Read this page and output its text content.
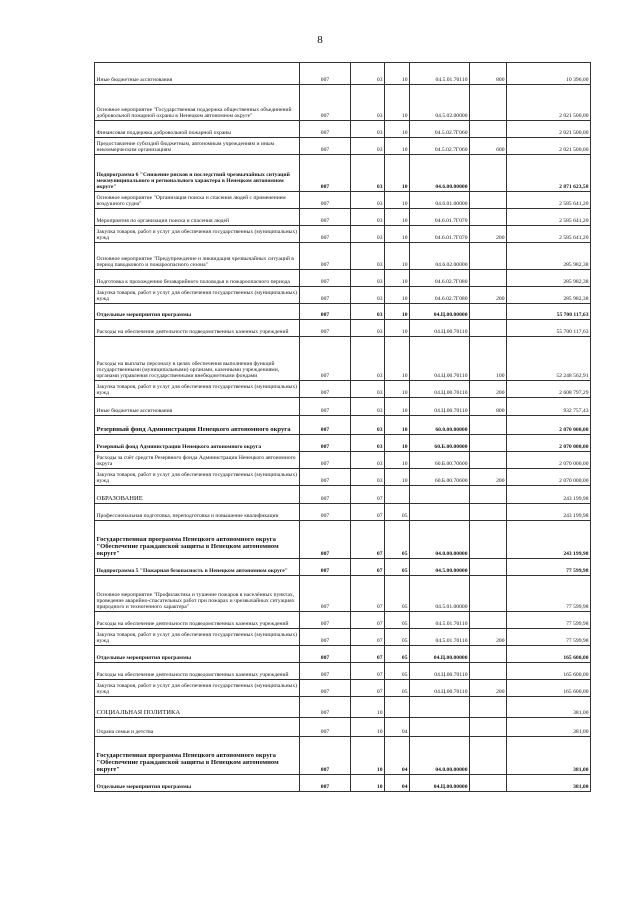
8
Иные бюджетные ассигнования	007	03	10	04.5.01.70110	800	10 396,00
Основное мероприятие "Государственная поддержка общественных объединений добровольной пожарной охраны в Ненецком автономном округе"	007	03	10	04.5.02.00000		2 021 500,00
Финансовая поддержка добровольной пожарной охраны	007	03	10	04.5.02.7Г060		2 021 500,00
Предоставление субсидий бюджетным, автономным учреждениям и иным некоммерческим организациям	007	03	10	04.5.02.7Г060	600	2 021 500,00
Подпрограмма 6 "Снижение рисков и последствий чрезвычайных ситуаций межмуниципального и регионального характера в Ненецком автономном округе"	007	03	10	04.6.00.00000		2 871 623,58
Основное мероприятие "Организация поиска и спасения людей с применением воздушного судна"	007	03	10	04.6.01.00000		2 585 641,20
Мероприятия по организации поиска и спасения людей	007	03	10	04.6.01.7Г070		2 585 641,20
Закупка товаров, работ и услуг для обеспечения государственных (муниципальных) нужд	007	03	10	04.6.01.7Г070	200	2 585 641,20
Основное мероприятие "Предупреждение и ликвидация чрезвычайных ситуаций в период паводкового и пожароопасного сезона"	007	03	10	04.6.02.00000		285 982,38
Подготовка к прохождению безаварийного половодья и пожароопасного периода	007	03	10	04.6.02.7Г080		285 982,38
Закупка товаров, работ и услуг для обеспечения государственных (муниципальных) нужд	007	03	10	04.6.02.7Г080	200	285 982,38
Отдельные мероприятия программы	007	03	10	04.Ц.00.00000		55 700 117,63
Расходы на обеспечение деятельности подведомственных казенных учреждений	007	03	10	04.Ц.00.70110		55 700 117,63
Расходы на выплаты персоналу в целях обеспечения выполнения функций государственными (муниципальными) органами, казенными учреждениями, органами управления государственными внебюджетными фондами	007	03	10	04.Ц.00.70110	100	52 248 562,91
Закупка товаров, работ и услуг для обеспечения государственных (муниципальных) нужд	007	03	10	04.Ц.00.70110	200	2 608 797,29
Иные бюджетные ассигнования	007	03	10	04.Ц.00.70110	800	932 757,43
Резервный фонд Администрации Ненецкого автономного округа	007	03	10	60.0.00.00000		2 070 000,00
Резервный фонд Администрации Ненецкого автономного округа	007	03	10	60.Б.00.00000		2 070 000,00
Расходы за счёт средств Резервного фонда Администрации Ненецкого автономного округа	007	03	10	60.Б.00.70600		2 070 000,00
Закупка товаров, работ и услуг для обеспечения государственных (муниципальных) нужд	007	03	10	60.Б.00.70600	200	2 070 000,00
ОБРАЗОВАНИЕ	007	07				243 199,98
Профессиональная подготовка, переподготовка и повышение квалификации	007	07	05			243 199,98
Государственная программа Ненецкого автономного округа "Обеспечение гражданской защиты в Ненецком автономном округе"	007	07	05	04.0.00.00000		243 199,98
Подпрограмма 5 "Пожарная безопасность в Ненецком автономном округе"	007	07	05	04.5.00.00000		77 599,98
Основное мероприятие "Профилактика и тушение пожаров в населённых пунктах, проведение аварийно-спасательных работ при пожарах и чрезвычайных ситуациях природного и техногенного характера"	007	07	05	04.5.01.00000		77 599,98
Расходы на обеспечение деятельности подведомственных казенных учреждений	007	07	05	04.5.01.70110		77 599,98
Закупка товаров, работ и услуг для обеспечения государственных (муниципальных) нужд	007	07	05	04.5.01.70110	200	77 599,98
Отдельные мероприятия программы	007	07	05	04.Ц.00.00000		165 600,00
Расходы на обеспечение деятельности подведомственных казенных учреждений	007	07	05	04.Ц.00.70110		165 600,00
Закупка товаров, работ и услуг для обеспечения государственных (муниципальных) нужд	007	07	05	04.Ц.00.70110	200	165 600,00
СОЦИАЛЬНАЯ ПОЛИТИКА	007	10				381,00
Охрана семьи и детства	007	10	04			381,00
Государственная программа Ненецкого автономного округа "Обеспечение гражданской защиты в Ненецком автономном округе"	007	10	04	04.0.00.00000		381,00
Отдельные мероприятия программы	007	10	04	04.Ц.00.00000		381,00
